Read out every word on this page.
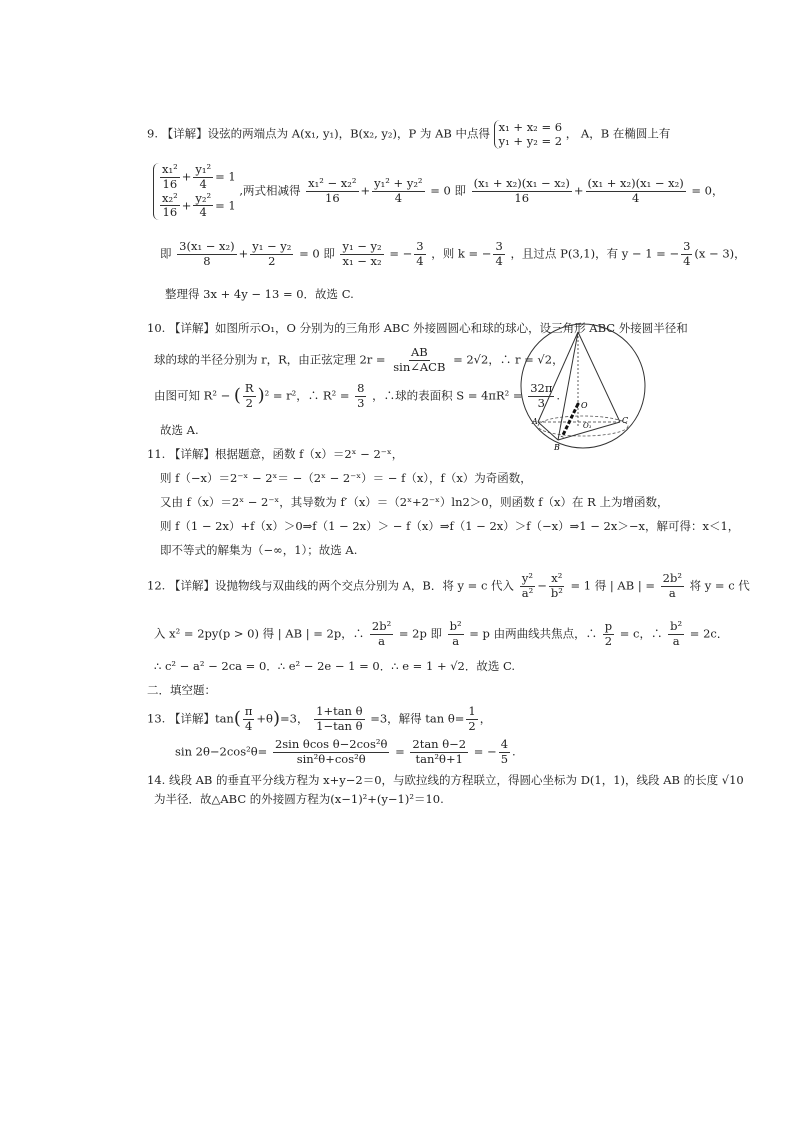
9. 【详解】设弦的两端点为 A(x₁, y₁)，B(x₂, y₂)，P 为 AB 中点得 x₁ + x₂ = 6
y₁ + y₂ = 2
， A，B 在椭圆上有
$\frac{\text{x₁²}}{16} + \frac{\text{y₁²}}{4} = 1$
$\frac{\text{x₂²}}{16} + \frac{\text{y₂²}}{4} = 1$
,两式相减得 $\frac{\text{x₁² − x₂²}}{16} + \frac{\text{y₁² + y₂²}}{4} = 0$ 即 $\frac{\text{(x₁ + x₂)(x₁ − x₂)}}{16} + \frac{\text{(x₁ + x₂)(x₁ − x₂)}}{4} = 0$，
即 $\frac{\text{3(x₁ − x₂)}}{8} + \frac{\text{y₁ − y₂}}{2} = 0$ 即 $\frac{\text{y₁ − y₂}}{\text{x₁ − x₂}}$ = − $\frac{3}{4}$ ，则 k = − $\frac{3}{4}$ ，且过点 P(3,1)，有 y − 1 = − $\frac{3}{4} (x - 3)$，
整理得 3x + 4y − 13 = 0．故选 C.
10. 【详解】如图所示O₁，O 分别为的三角形 ABC 外接圆圆心和球的球心，设三角形 ABC 外接圆半径和
球的球的半径分别为 r，R，由正弦定理 $2r = \frac{AB}{\text{sin∠ACB}} = 2√2$，∴ r = √2，
由图可知 R² − ( $\frac{R}{2} )^2 = r^2$，∴ $R^2 = \frac{8}{3}$ ，∴球的表面积 $S = 4\pi R^2 = \frac{32\pi}{3}$ .
故选 A.
O
O₁
A
B
C
11. 【详解】根据题意，函数 f（x）＝2ˣ − 2⁻ˣ，
则 f（−x）＝2⁻ˣ − 2ˣ＝ −（2ˣ − 2⁻ˣ）＝ − f（x），f（x）为奇函数，
又由 f（x）＝2ˣ − 2⁻ˣ，其导数为 f′（x）＝（2ˣ+2⁻ˣ）ln2＞0，则函数 f（x）在 R 上为增函数，
则 f（1 − 2x）+f（x）＞0⇒f（1 − 2x）＞ − f（x）⇒f（1 − 2x）＞f（−x）⇒1 − 2x＞−x，解可得：x＜1，
即不等式的解集为（−∞，1）；故选 A.
12. 【详解】设抛物线与双曲线的两个交点分别为 A，B．将 y = c 代入 $\frac{\text{y²}}{\text{a²}} - \frac{\text{x²}}{\text{b²}} = 1$ 得 | AB | = $\frac{\text{2b²}}{a}$ 将 y = c 代
入 x² = 2py(p > 0) 得 | AB | = 2p，∴ $\frac{\text{2b²}}{a} = 2p$ 即 $\frac{\text{b²}}{a} = p$ 由两曲线共焦点，∴ $\frac{p}{2} = c$，∴ $\frac{\text{b²}}{a} = 2c$．
∴ c² − a² − 2ca = 0．∴ e² − 2e − 1 = 0．∴ e = 1 + √2．故选 C.
二．填空题：
13. 【详解】$\tan( \frac{\pi}{4} +\theta)=3$， $\frac{\text{1+tan θ}}{\text{1−tan θ}} =3$，解得 $\tan \theta= \frac{1}{2}$ ，
$\sin 2\theta-2\cos^2\theta= \frac{\text{2sin θcos θ−2cos²θ}}{\text{sin²θ+cos²θ}} = \frac{\text{2tan θ−2}}{\text{tan²θ+1}}$ = − $\frac{4}{5}$ .
14. 线段 AB 的垂直平分线方程为 x+y−2＝0，与欧拉线的方程联立，得圆心坐标为 D(1，1)，线段 AB 的长度 √10
为半径．故△ABC 的外接圆方程为(x−1)²+(y−1)²＝10.
